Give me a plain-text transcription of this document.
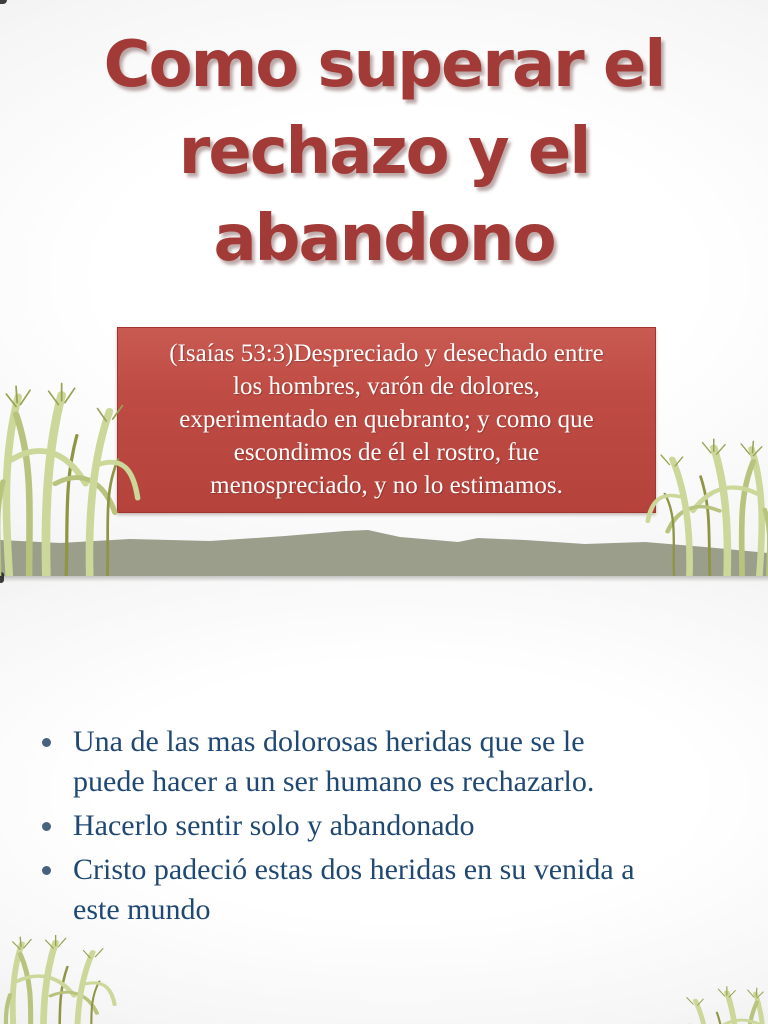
Como superar el
rechazo y el
abandono
(Isaías 53:3)Despreciado y desechado entre
los hombres, varón de dolores,
experimentado en quebranto; y como que
escondimos de él el rostro, fue
menospreciado, y no lo estimamos.
Una de las mas dolorosas heridas que se le puede hacer a un ser humano es rechazarlo.
Hacerlo sentir solo y abandonado
Cristo padeció estas dos heridas en su venida a este mundo
